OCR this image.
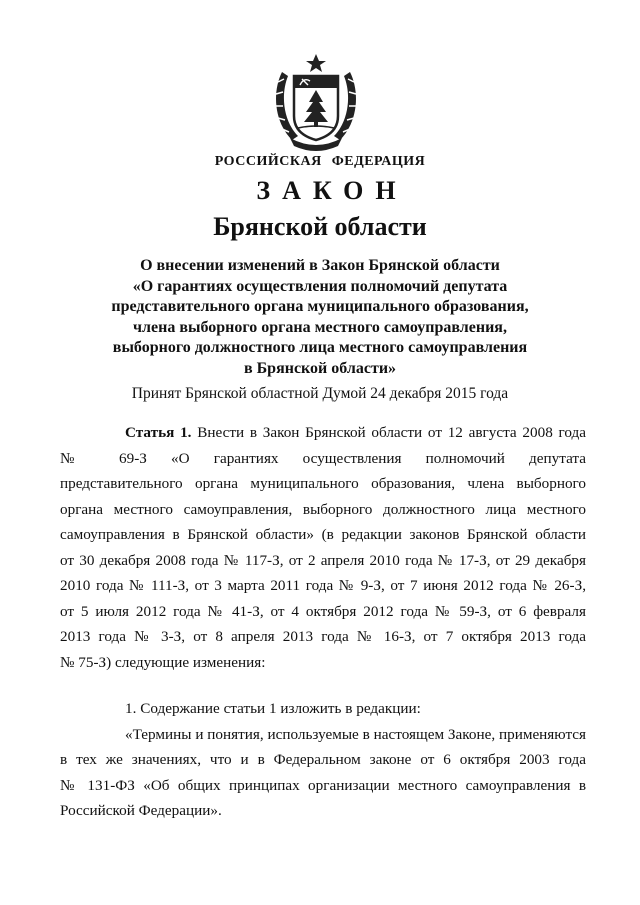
РОССИЙСКАЯ ФЕДЕРАЦИЯ

ЗАКОН

Брянской области

О внесении изменений в Закон Брянской области
«О гарантиях осуществления полномочий депутата
представительного органа муниципального образования,
члена выборного органа местного самоуправления,
выборного должностного лица местного самоуправления
в Брянской области»

Принят Брянской областной Думой 24 декабря 2015 года

Статья 1. Внести в Закон Брянской области от 12 августа 2008 года
№ 69-З «О гарантиях осуществления полномочий депутата
представительного органа муниципального образования, члена выборного
органа местного самоуправления, выборного должностного лица местного
самоуправления в Брянской области» (в редакции законов Брянской области
от 30 декабря 2008 года № 117-З, от 2 апреля 2010 года № 17-З, от 29 декабря
2010 года № 111-З, от 3 марта 2011 года № 9-З, от 7 июня 2012 года № 26-З,
от 5 июля 2012 года № 41-З, от 4 октября 2012 года № 59-З, от 6 февраля
2013 года № 3-З, от 8 апреля 2013 года № 16-З, от 7 октября 2013 года
№ 75-З) следующие изменения:
1. Содержание статьи 1 изложить в редакции:
«Термины и понятия, используемые в настоящем Законе, применяются
в тех же значениях, что и в Федеральном законе от 6 октября 2003 года
№ 131-ФЗ «Об общих принципах организации местного самоуправления в
Российской Федерации».
